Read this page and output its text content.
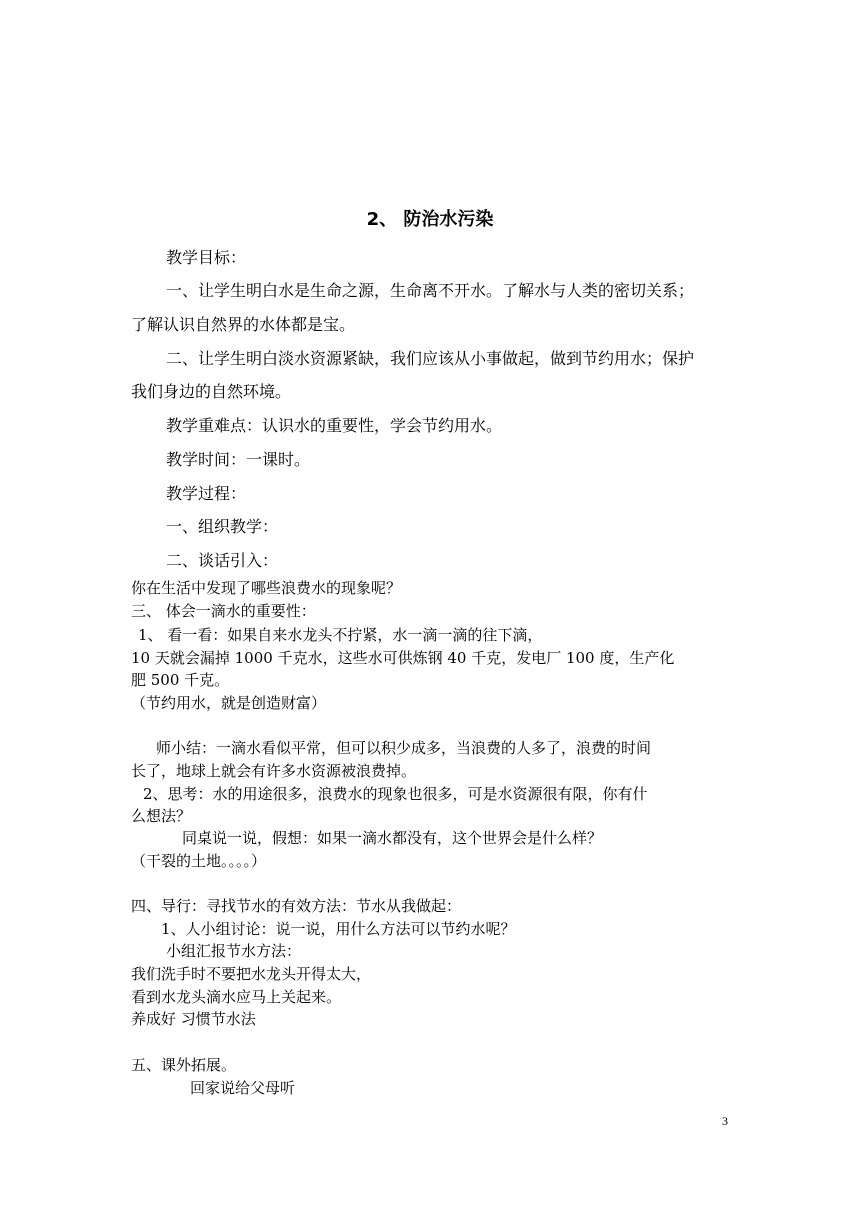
2、 防治水污染
教学目标：
一、让学生明白水是生命之源，生命离不开水。了解水与人类的密切关系；
了解认识自然界的水体都是宝。
二、让学生明白淡水资源紧缺，我们应该从小事做起，做到节约用水；保护
我们身边的自然环境。
教学重难点：认识水的重要性，学会节约用水。
教学时间：一课时。
教学过程：
一、组织教学：
二、谈话引入：
你在生活中发现了哪些浪费水的现象呢？
三、 体会一滴水的重要性：
1、 看一看：如果自来水龙头不拧紧，水一滴一滴的往下滴，
10 天就会漏掉 1000 千克水，这些水可供炼钢 40 千克，发电厂 100 度，生产化
肥 500 千克。
（节约用水，就是创造财富）
师小结：一滴水看似平常，但可以积少成多，当浪费的人多了，浪费的时间
长了，地球上就会有许多水资源被浪费掉。
2、思考：水的用途很多，浪费水的现象也很多，可是水资源很有限，你有什
么想法？
同桌说一说，假想：如果一滴水都没有，这个世界会是什么样？
（干裂的土地。。。。）
四、导行：寻找节水的有效方法：节水从我做起：
1、人小组讨论：说一说，用什么方法可以节约水呢？
小组汇报节水方法：
我们洗手时不要把水龙头开得太大，
看到水龙头滴水应马上关起来。
养成好 习惯节水法
五、课外拓展。
回家说给父母听
3
